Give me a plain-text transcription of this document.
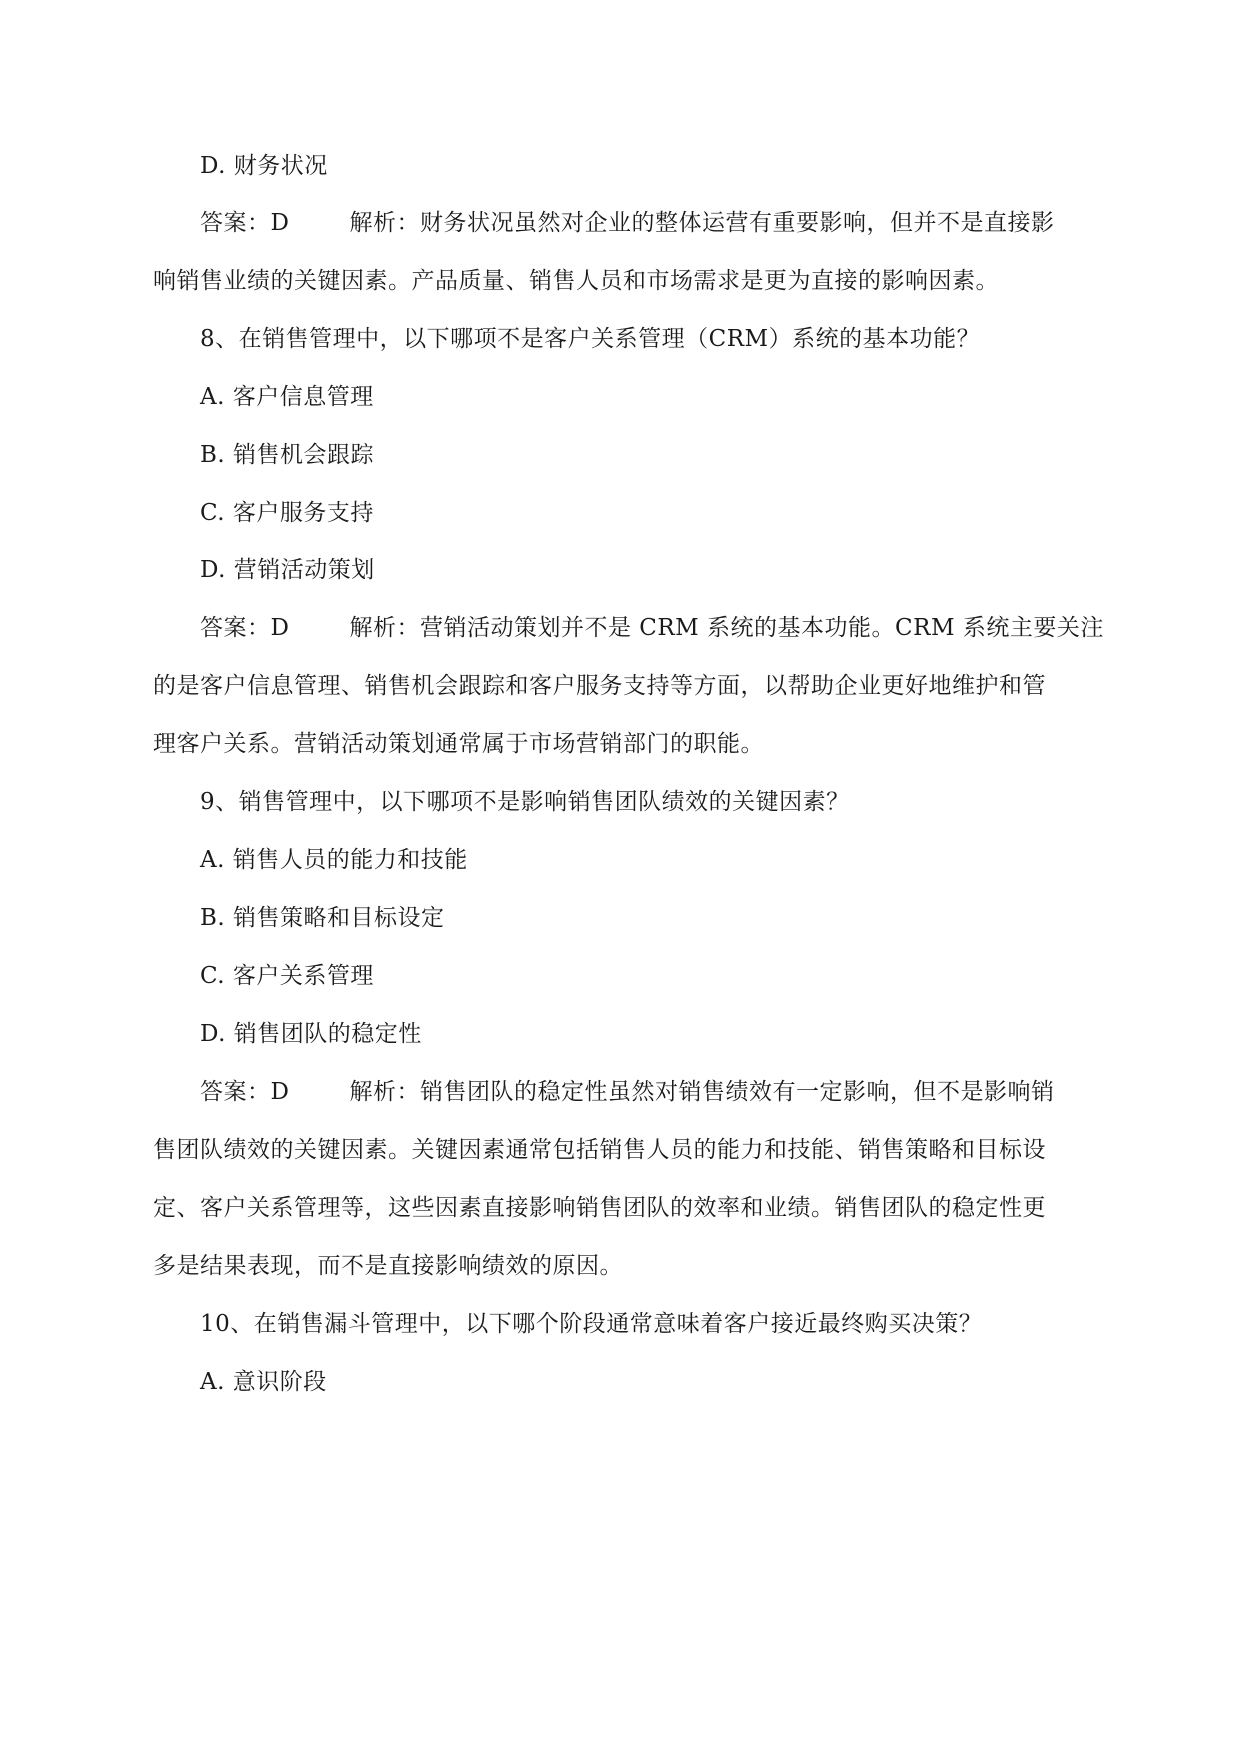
D. 财务状况
答案：D	解析：财务状况虽然对企业的整体运营有重要影响，但并不是直接影
响销售业绩的关键因素。产品质量、销售人员和市场需求是更为直接的影响因素。
8、在销售管理中，以下哪项不是客户关系管理（CRM）系统的基本功能？
A. 客户信息管理
B. 销售机会跟踪
C. 客户服务支持
D. 营销活动策划
答案：D	解析：营销活动策划并不是 CRM 系统的基本功能。CRM 系统主要关注
的是客户信息管理、销售机会跟踪和客户服务支持等方面，以帮助企业更好地维护和管
理客户关系。营销活动策划通常属于市场营销部门的职能。
9、销售管理中，以下哪项不是影响销售团队绩效的关键因素？
A. 销售人员的能力和技能
B. 销售策略和目标设定
C. 客户关系管理
D. 销售团队的稳定性
答案：D	解析：销售团队的稳定性虽然对销售绩效有一定影响，但不是影响销
售团队绩效的关键因素。关键因素通常包括销售人员的能力和技能、销售策略和目标设
定、客户关系管理等，这些因素直接影响销售团队的效率和业绩。销售团队的稳定性更
多是结果表现，而不是直接影响绩效的原因。
10、在销售漏斗管理中，以下哪个阶段通常意味着客户接近最终购买决策？
A. 意识阶段
